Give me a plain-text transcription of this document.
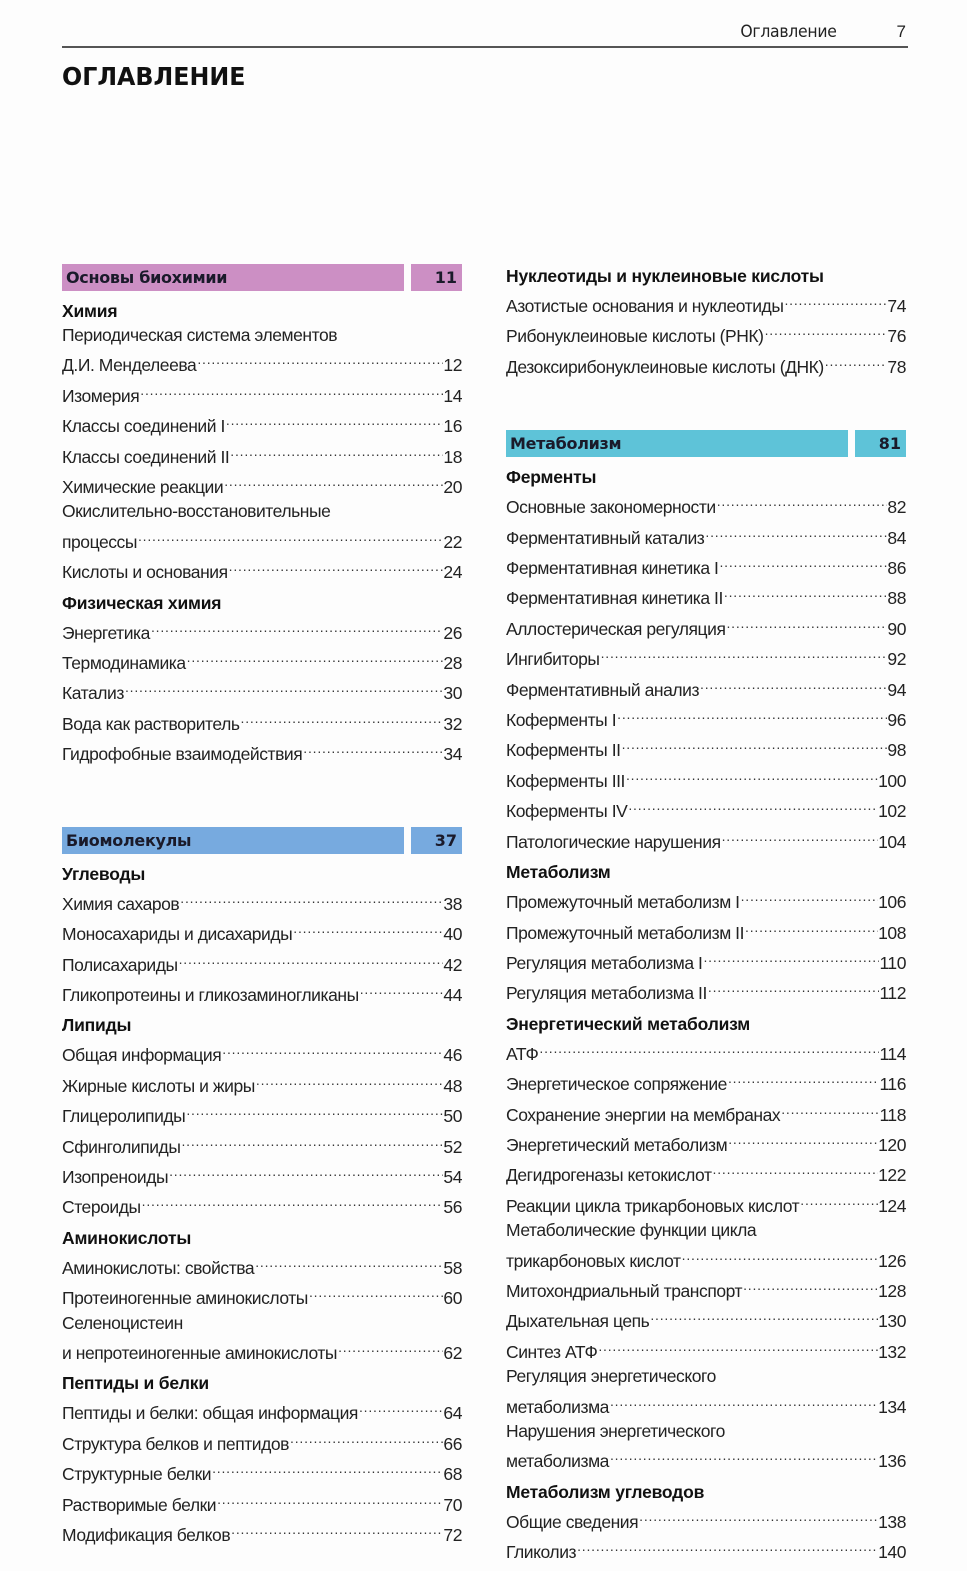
Оглавление	7
ОГЛАВЛЕНИЕ
Основы биохимии	11
Химия
Периодическая система элементов
Д.И. Менделеева .....	12
Изомерия .....	14
Классы соединений I .....	16
Классы соединений II .....	18
Химические реакции .....	20
Окислительно-восстановительные
процессы .....	22
Кислоты и основания .....	24
Физическая химия
Энергетика .....	26
Термодинамика .....	28
Катализ .....	30
Вода как растворитель .....	32
Гидрофобные взаимодействия .....	34
Биомолекулы	37
Углеводы
Химия сахаров .....	38
Моносахариды и дисахариды .....	40
Полисахариды .....	42
Гликопротеины и гликозаминогликаны .....	44
Липиды
Общая информация .....	46
Жирные кислоты и жиры .....	48
Глицеролипиды .....	50
Сфинголипиды .....	52
Изопреноиды .....	54
Стероиды .....	56
Аминокислоты
Аминокислоты: свойства .....	58
Протеиногенные аминокислоты .....	60
Селеноцистеин
и непротеиногенные аминокислоты .....	62
Пептиды и белки
Пептиды и белки: общая информация .....	64
Структура белков и пептидов .....	66
Структурные белки .....	68
Растворимые белки .....	70
Модификация белков .....	72
Нуклеотиды и нуклеиновые кислоты
Азотистые основания и нуклеотиды .....	74
Рибонуклеиновые кислоты (РНК) .....	76
Дезоксирибонуклеиновые кислоты (ДНК) .....	78
Метаболизм	81
Ферменты
Основные закономерности .....	82
Ферментативный катализ .....	84
Ферментативная кинетика I .....	86
Ферментативная кинетика II .....	88
Аллостерическая регуляция .....	90
Ингибиторы .....	92
Ферментативный анализ .....	94
Коферменты I .....	96
Коферменты II .....	98
Коферменты III .....	100
Коферменты IV .....	102
Патологические нарушения .....	104
Метаболизм
Промежуточный метаболизм I .....	106
Промежуточный метаболизм II .....	108
Регуляция метаболизма I .....	110
Регуляция метаболизма II .....	112
Энергетический метаболизм
АТФ .....	114
Энергетическое сопряжение .....	116
Сохранение энергии на мембранах .....	118
Энергетический метаболизм .....	120
Дегидрогеназы кетокислот .....	122
Реакции цикла трикарбоновых кислот .....	124
Метаболические функции цикла
трикарбоновых кислот .....	126
Митохондриальный транспорт .....	128
Дыхательная цепь .....	130
Синтез АТФ .....	132
Регуляция энергетического
метаболизма .....	134
Нарушения энергетического
метаболизма .....	136
Метаболизм углеводов
Общие сведения .....	138
Гликолиз .....	140
